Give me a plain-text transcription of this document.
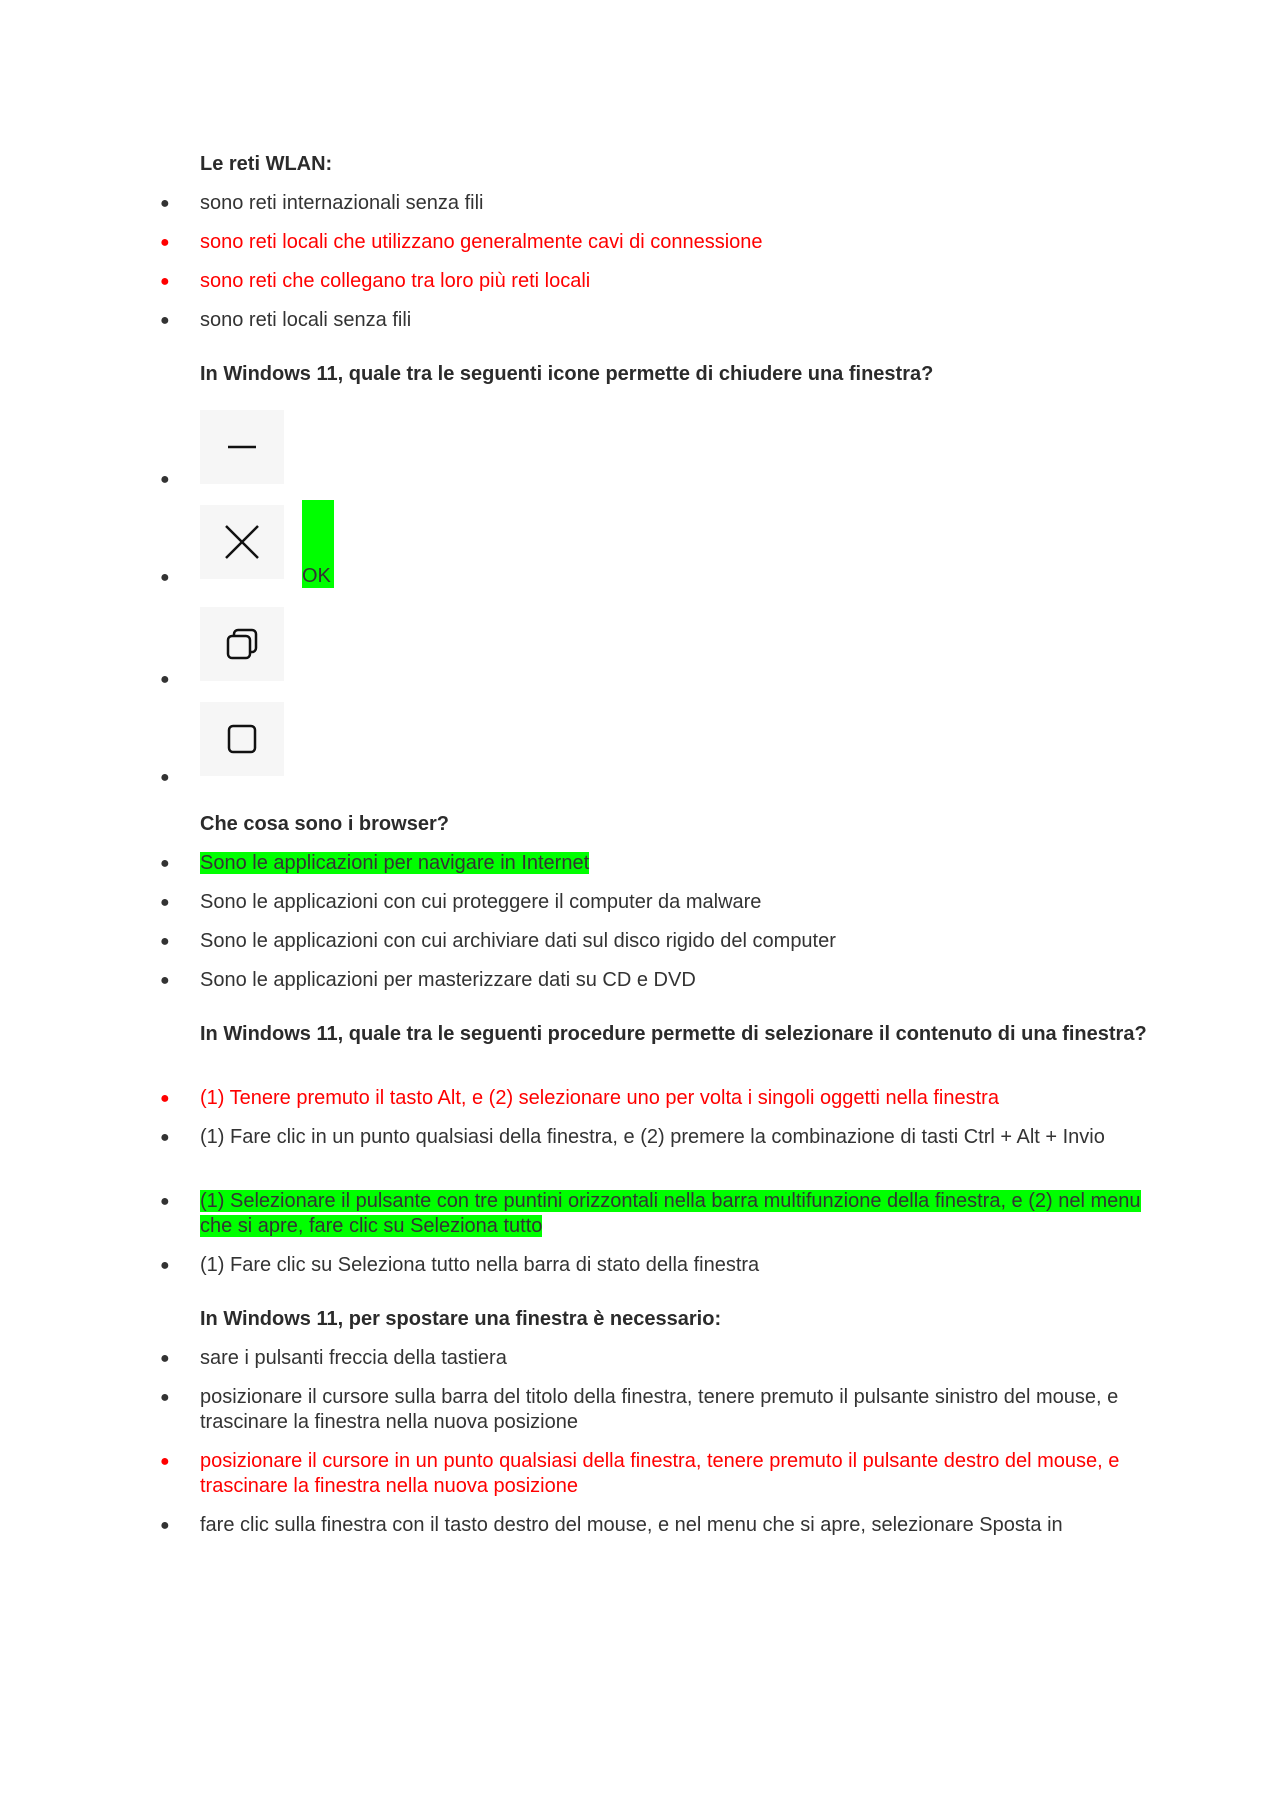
Le reti WLAN:
●	sono reti internazionali senza fili
●	sono reti locali che utilizzano generalmente cavi di connessione
●	sono reti che collegano tra loro più reti locali
●	sono reti locali senza fili
In Windows 11, quale tra le seguenti icone permette di chiudere una finestra?
●
OK
●
●
●
Che cosa sono i browser?
●	Sono le applicazioni per navigare in Internet
●	Sono le applicazioni con cui proteggere il computer da malware
●	Sono le applicazioni con cui archiviare dati sul disco rigido del computer
●	Sono le applicazioni per masterizzare dati su CD e DVD
In Windows 11, quale tra le seguenti procedure permette di selezionare il contenuto di una finestra?
●	(1) Tenere premuto il tasto Alt, e (2) selezionare uno per volta i singoli oggetti nella finestra
●	(1) Fare clic in un punto qualsiasi della finestra, e (2) premere la combinazione di tasti Ctrl + Alt + Invio
●	(1) Selezionare il pulsante con tre puntini orizzontali nella barra multifunzione della finestra, e (2) nel menu che si apre, fare clic su Seleziona tutto
●	(1) Fare clic su Seleziona tutto nella barra di stato della finestra
In Windows 11, per spostare una finestra è necessario:
●	sare i pulsanti freccia della tastiera
●	posizionare il cursore sulla barra del titolo della finestra, tenere premuto il pulsante sinistro del mouse, e trascinare la finestra nella nuova posizione
●	posizionare il cursore in un punto qualsiasi della finestra, tenere premuto il pulsante destro del mouse, e trascinare la finestra nella nuova posizione
●	fare clic sulla finestra con il tasto destro del mouse, e nel menu che si apre, selezionare Sposta in
